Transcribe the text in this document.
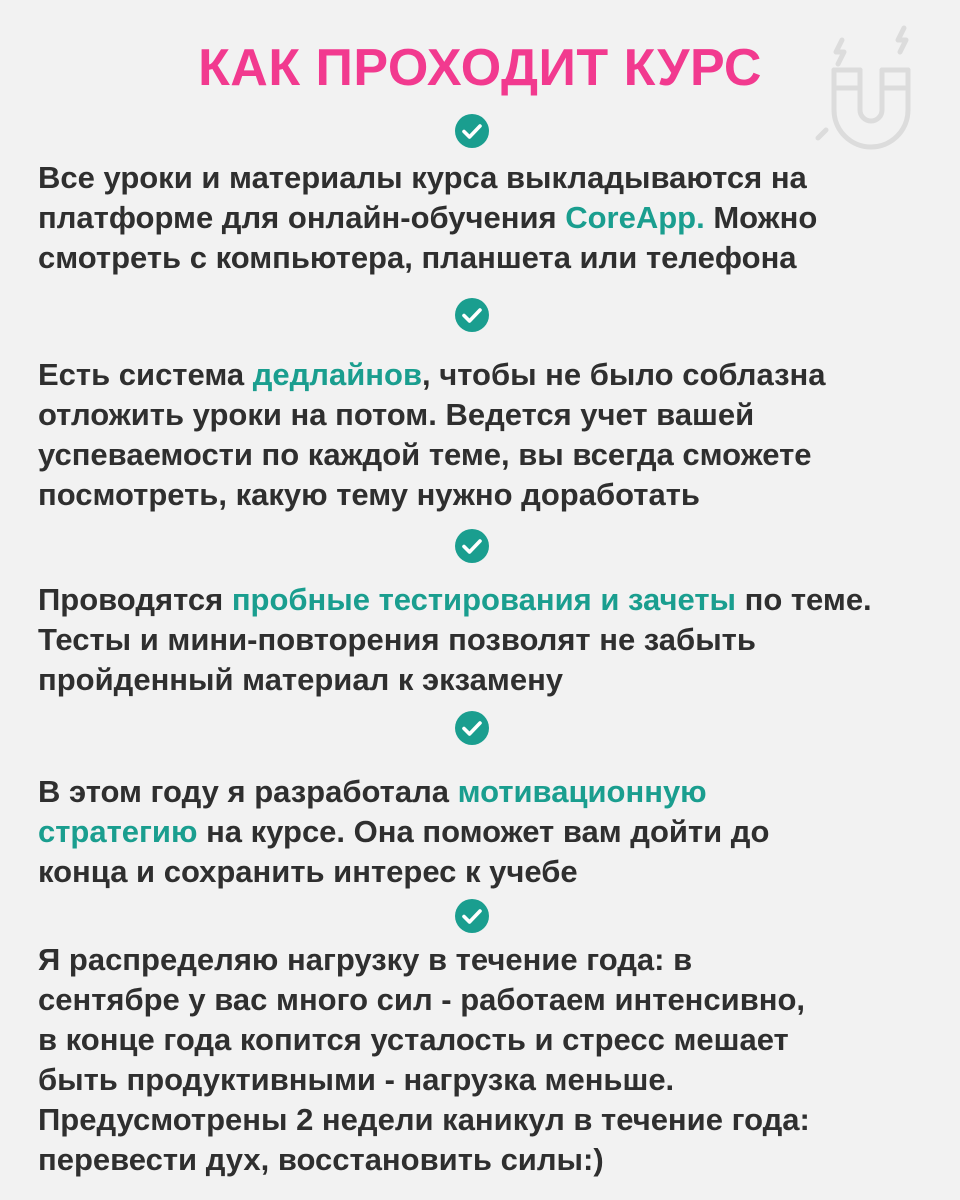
КАК ПРОХОДИТ КУРС
Все уроки и материалы курса выкладываются на
платформе для онлайн-обучения CoreApp. Можно
смотреть с компьютера, планшета или телефона
Есть система дедлайнов, чтобы не было соблазна
отложить уроки на потом. Ведется учет вашей
успеваемости по каждой теме, вы всегда сможете
посмотреть, какую тему нужно доработать
Проводятся пробные тестирования и зачеты по теме.
Тесты и мини-повторения позволят не забыть
пройденный материал к экзамену
В этом году я разработала мотивационную
стратегию на курсе. Она поможет вам дойти до
конца и сохранить интерес к учебе
Я распределяю нагрузку в течение года: в
сентябре у вас много сил - работаем интенсивно,
в конце года копится усталость и стресс мешает
быть продуктивными - нагрузка меньше.
Предусмотрены 2 недели каникул в течение года:
перевести дух, восстановить силы:)
